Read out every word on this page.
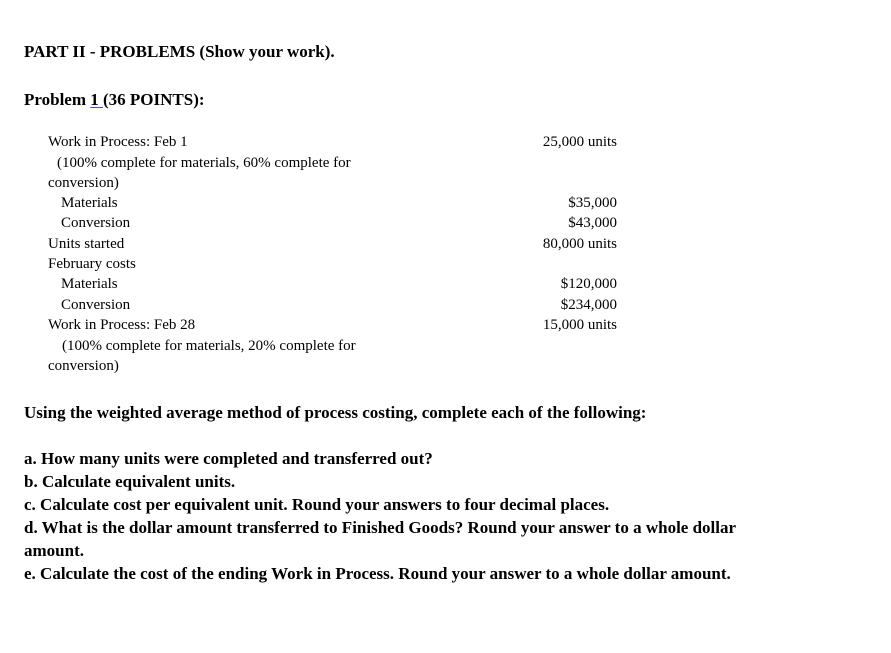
PART II - PROBLEMS (Show your work).
Problem 1 (36 POINTS):
Work in Process: Feb 1
(100% complete for materials, 60% complete for
conversion)
Materials
Conversion
Units started
February costs
Materials
Conversion
Work in Process: Feb 28
(100% complete for materials, 20% complete for
conversion)
25,000 units
$35,000
$43,000
80,000 units
$120,000
$234,000
15,000 units
Using the weighted average method of process costing, complete each of the following:
a. How many units were completed and transferred out?
b. Calculate equivalent units.
c. Calculate cost per equivalent unit. Round your answers to four decimal places.
d. What is the dollar amount transferred to Finished Goods? Round your answer to a whole dollar
amount.
e. Calculate the cost of the ending Work in Process. Round your answer to a whole dollar amount.
